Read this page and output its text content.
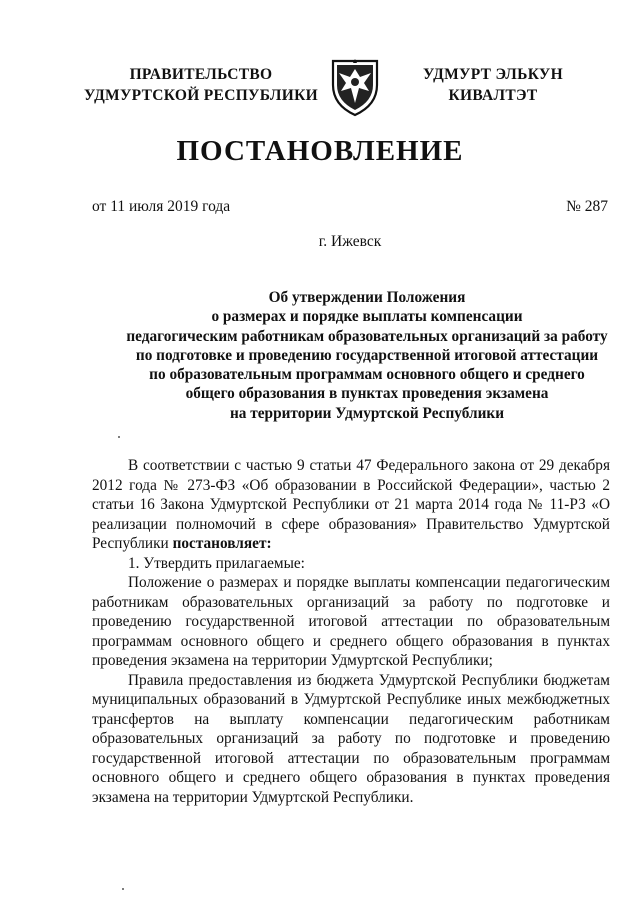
ПРАВИТЕЛЬСТВО
УДМУРТСКОЙ РЕСПУБЛИКИ
УДМУРТ ЭЛЬКУН
КИВАЛТЭТ
ПОСТАНОВЛЕНИЕ
от 11 июля 2019 года	№ 287
г. Ижевск
Об утверждении Положения
о размерах и порядке выплаты компенсации
педагогическим работникам образовательных организаций за работу
по подготовке и проведению государственной итоговой аттестации
по образовательным программам основного общего и среднего
общего образования в пунктах проведения экзамена
на территории Удмуртской Республики

В соответствии с частью 9 статьи 47 Федерального закона от 29 декабря 2012 года № 273-ФЗ «Об образовании в Российской Федерации», частью 2 статьи 16 Закона Удмуртской Республики от 21 марта 2014 года № 11-РЗ «О реализации полномочий в сфере образования» Правительство Удмуртской Республики постановляет:

1. Утвердить прилагаемые:

Положение о размерах и порядке выплаты компенсации педагогическим работникам образовательных организаций за работу по подготовке и проведению государственной итоговой аттестации по образовательным программам основного общего и среднего общего образования в пунктах проведения экзамена на территории Удмуртской Республики;

Правила предоставления из бюджета Удмуртской Республики бюджетам муниципальных образований в Удмуртской Республике иных межбюджетных трансфертов на выплату компенсации педагогическим работникам образовательных организаций за работу по подготовке и проведению государственной итоговой аттестации по образовательным программам основного общего и среднего общего образования в пунктах проведения экзамена на территории Удмуртской Республики.
